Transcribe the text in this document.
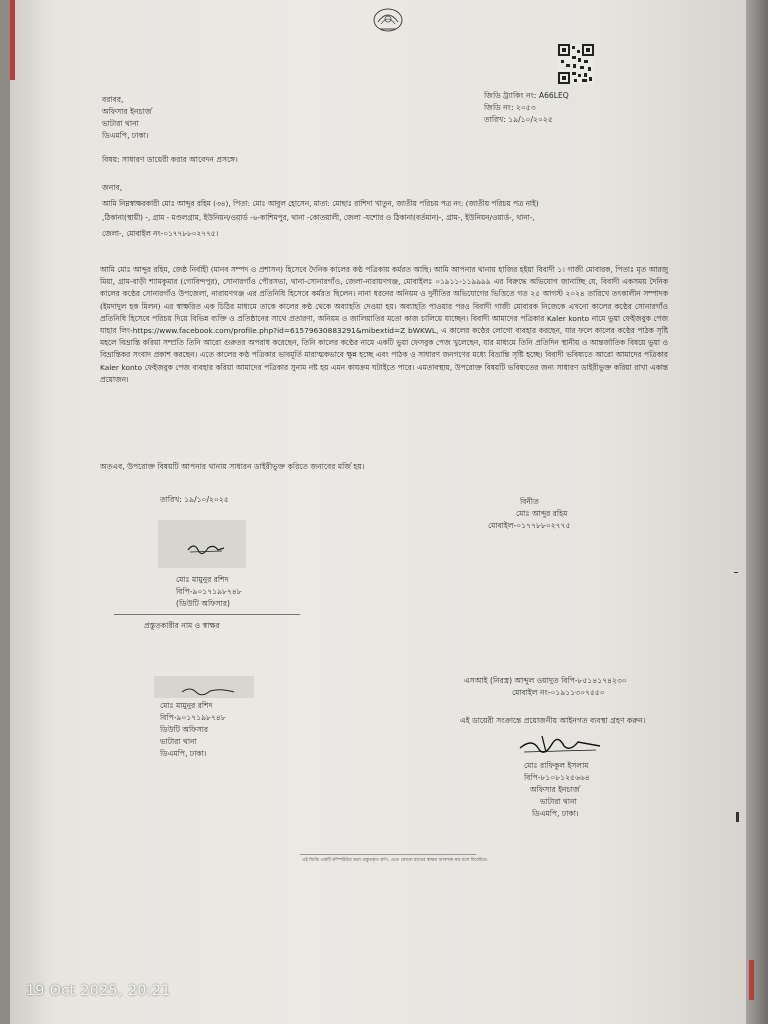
জিডি ট্র্যাকিং নং: A66LEQ
জিডি নং: ২০৫৩
তারিখ: ১৯/১০/২০২৫
বরাবর,
অফিসার ইনচার্জ
ভাটারা থানা
ডিএমপি, ঢাকা।
বিষয়: সাধারণ ডায়েরী করার আবেদন প্রসঙ্গে।
জনাব,
আমি নিম্নস্বাক্ষরকারী মোঃ আব্দুর রহিম (৩৪), পিতা: মোঃ আবুল হোসেন, মাতা: মোছাঃ রাশিদা খাতুন, জাতীয় পরিচয় পত্র নং: (জাতীয় পরিচয় পত্র নাই)
,ঠিকানা(স্থায়ী) -, গ্রাম - মণ্ডলগ্রাম, ইউনিয়ন/ওয়ার্ড -৬-কাশিমপুর, থানা -কোতয়ালী, জেলা -যশোর ও ঠিকানা(বর্তমান)-, গ্রাম-, ইউনিয়ন/ওয়ার্ড-, থানা-,
জেলা-, মোবাইল নং-০১৭৭৮৮০২৭৭৫।
আমি মোঃ আব্দুর রহিম, জেষ্ঠ নির্বাহী (মানব সম্পদ ও প্রশাসন) হিসেবে দৈনিক কালের কণ্ঠ পত্রিকায় কর্মরত আছি। আমি আপনার থানায় হাজির হইয়া বিবাদী ১। গাজী মোবারক, পিতাঃ মৃত আরজু মিয়া, গ্রাম-বাড়ী শ্যামকুমার (গোবিন্দপুর), সোনারগাঁও পৌরসভা, থানা-সোনারগাঁও, জেলা-নারায়ণগঞ্জ, মোবাইলঃ ০১৯১১-১১৯৯৯৯ এর বিরুদ্ধে অভিযোগ জানাচ্ছি যে, বিবাদী একসময় দৈনিক কালের কণ্ঠের সোনারগাঁও উপজেলা, নারায়ণগঞ্জ এর প্রতিনিধি হিসেবে কর্মরত ছিলেন। নানা ধরনের অনিয়ম ও দুর্নীতির অভিযোগের ভিত্তিতে গত ২৫ আগস্ট ২০২৪ তারিখে তৎকালীন সম্পাদক (ইমদাদুল হক মিলন) এর স্বাক্ষরিত এক চিঠির মাধ্যমে তাকে কালের কণ্ঠ থেকে অব্যাহতি দেওয়া হয়। অব্যাহতি পাওয়ার পরও বিবাদী গাজী মোবারক নিজেকে এখনো কালের কণ্ঠের সোনারগাঁও প্রতিনিধি হিসেবে পরিচয় দিয়ে বিভিন্ন ব্যক্তি ও প্রতিষ্ঠানের সাথে প্রতারণা, অনিয়ম ও জালিয়াতির মতো কাজ চালিয়ে যাচ্ছেন। বিবাদী আমাদের পত্রিকার Kaler konto নামে ভুয়া ফেইজবুক পেজ যাহার লিং-https://www.facebook.com/profile.php?id=61579630883291&mibextid=Z bWKWL, এ কালের কণ্ঠের লোগো ব্যবহার করছেন, যার ফলে কালের কণ্ঠের পাঠক সৃষ্টি মহলে বিভ্রান্তি করিয়া সম্প্রতি তিনি আরো গুরুতর অপরাধ করেছেন, তিনি কালের কণ্ঠের নামে একটি ভুয়া ফেসবুক পেজ খুলেছেন, যার মাধ্যমে তিনি প্রতিদিন স্থানীয় ও আন্তর্জাতিক বিষয়ে ভুয়া ও বিভ্রান্তিকর সংবাদ প্রকাশ করছেন। এতে কালের কণ্ঠ পত্রিকার ভাবমূর্তি মারাত্মকভাবে ক্ষুন্ন হচ্ছে এবং পাঠক ও সাধারণ জনগণের মধ্যে বিভ্রান্তি সৃষ্টি হচ্ছে। বিবাদী ভবিষ্যতে আরো আমাদের পত্রিকার Kaler konto ফেইজবুক পেজ ব্যবহার করিয়া আমাদের পত্রিকার সুনাম নষ্ট হয় এমন কাযক্রম ঘটাইতে পারে। এমতাবস্থায়, উপরোক্ত বিষয়টি ভবিষ্যতের জন্য সাধারণ ডাইরীভুক্ত করিয়া রাখা একান্ত প্রয়োজন।
অতএব, উপরোক্ত বিষয়টি আপনার থানায় সাধারন ডাইরীভুক্ত করিতে জনাবের মর্জি হয়।
তারিখ: ১৯/১০/২০২৫	বিনীত
মোঃ আব্দুর রহিম
মোবাইল-০১৭৭৮৮০২৭৭৫
মোঃ মামুনুর রশিদ
বিপি-৯০১৭১৯৮৭৪৮
(ডিউটি অফিসার)
প্রস্তুতকারীর নাম ও স্বাক্ষর
মোঃ মামুনুর রশিদ
বিপি-৯০১৭১৯৮৭৪৮
ডিউটি অফিসার
ভাটারা থানা
ডিএমপি, ঢাকা।
এসআই (নিরস্ত্র) আব্দুল ওয়াদুত বিপি-৮৫১৪১৭৪২৩০
মোবাইল নং-০১৯১১৩০৭৫৫০
এই ডায়েরী সংক্রান্তে প্রয়োজনীয় আইনগত ব্যবস্থা গ্রহণ করুন।
মোঃ রাফিকুল ইসলাম
বিপি-৮১০৮১২৫৬৬৪
অফিসার ইনচার্জ
ভাটারা থানা
ডিএমপি, ঢাকা।
এই জিডি একটি কম্পিউটার দ্বারা প্রস্তুতকৃত কপি, এতে কোনো হাতের স্বাক্ষর আবশ্যক নয় বলে বিবেচিত।
19 Oct 2025, 20:21
